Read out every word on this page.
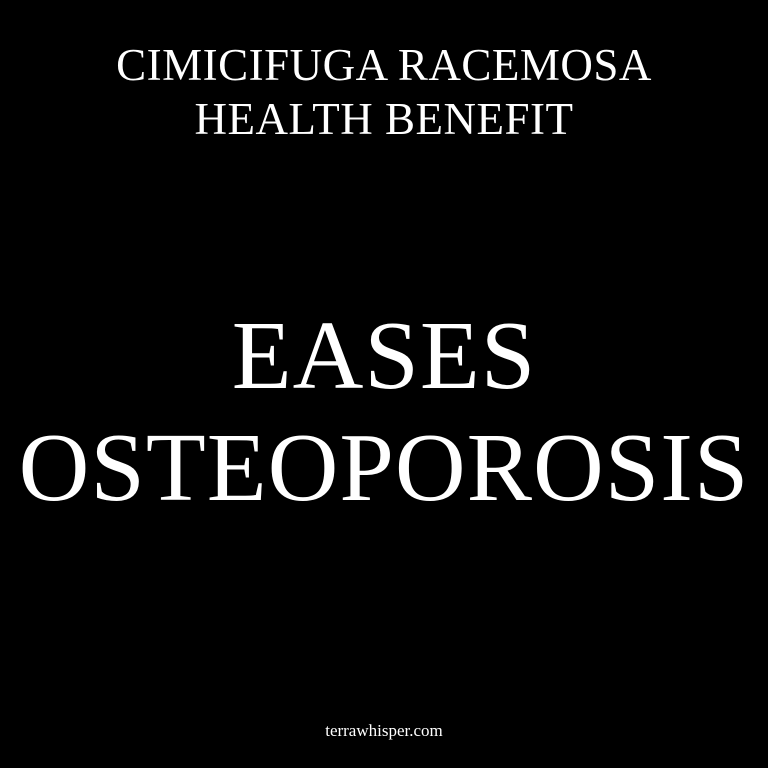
CIMICIFUGA RACEMOSA
HEALTH BENEFIT
EASES
OSTEOPOROSIS
terrawhisper.com
